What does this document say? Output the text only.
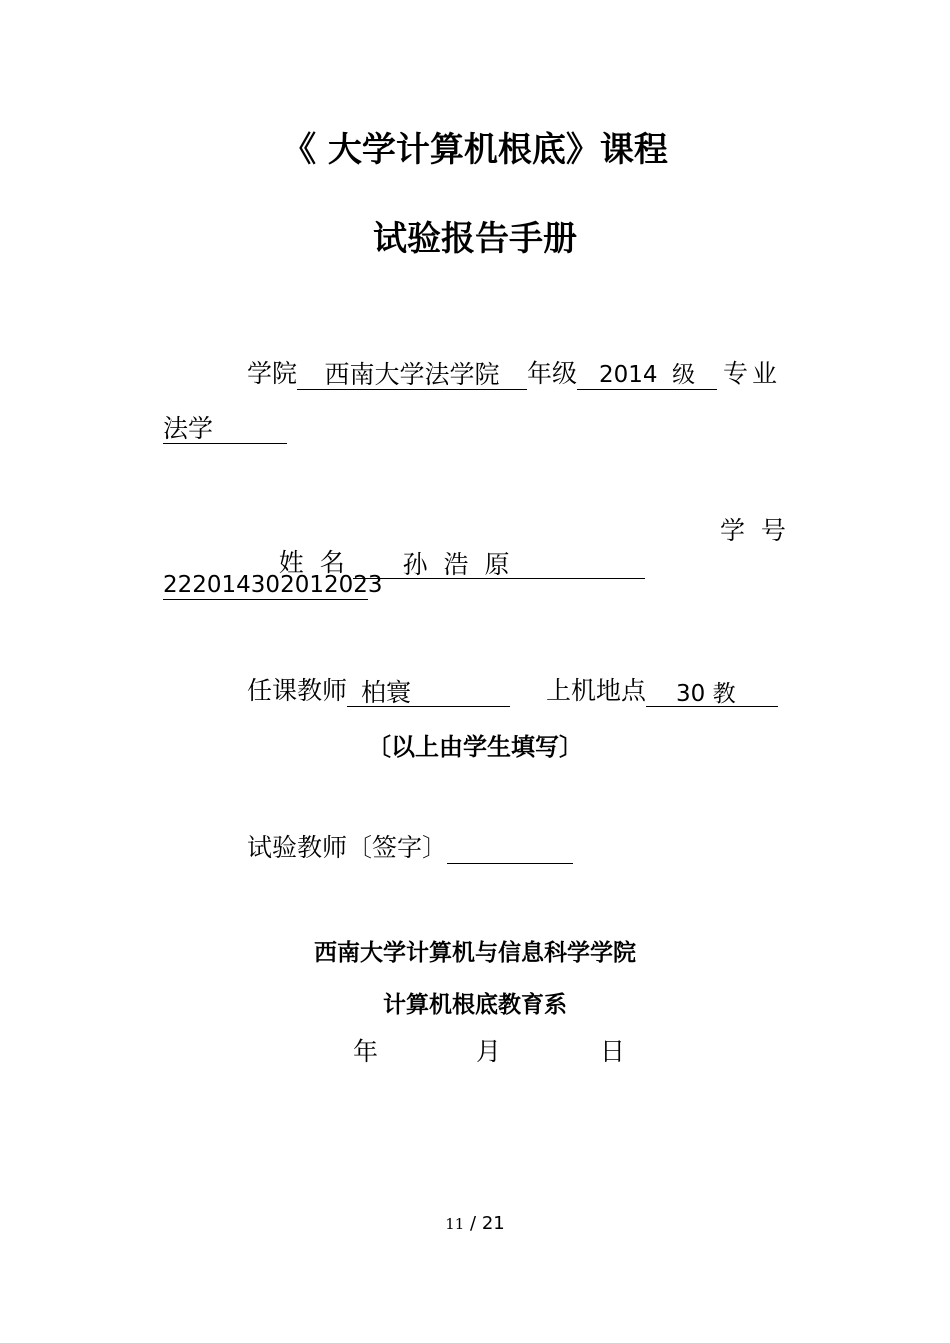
《 大学计算机根底》课程
试验报告手册
学院 西南大学法学院 年级 2014  级 专业
法学

姓  名 孙  浩  原

学  号
222014302012023
任课教师 柏寰	上机地点 30 教
〔以上由学生填写〕
试验教师〔签字〕
西南大学计算机与信息科学学院
计算机根底教育系
年	月	日
11 / 21
